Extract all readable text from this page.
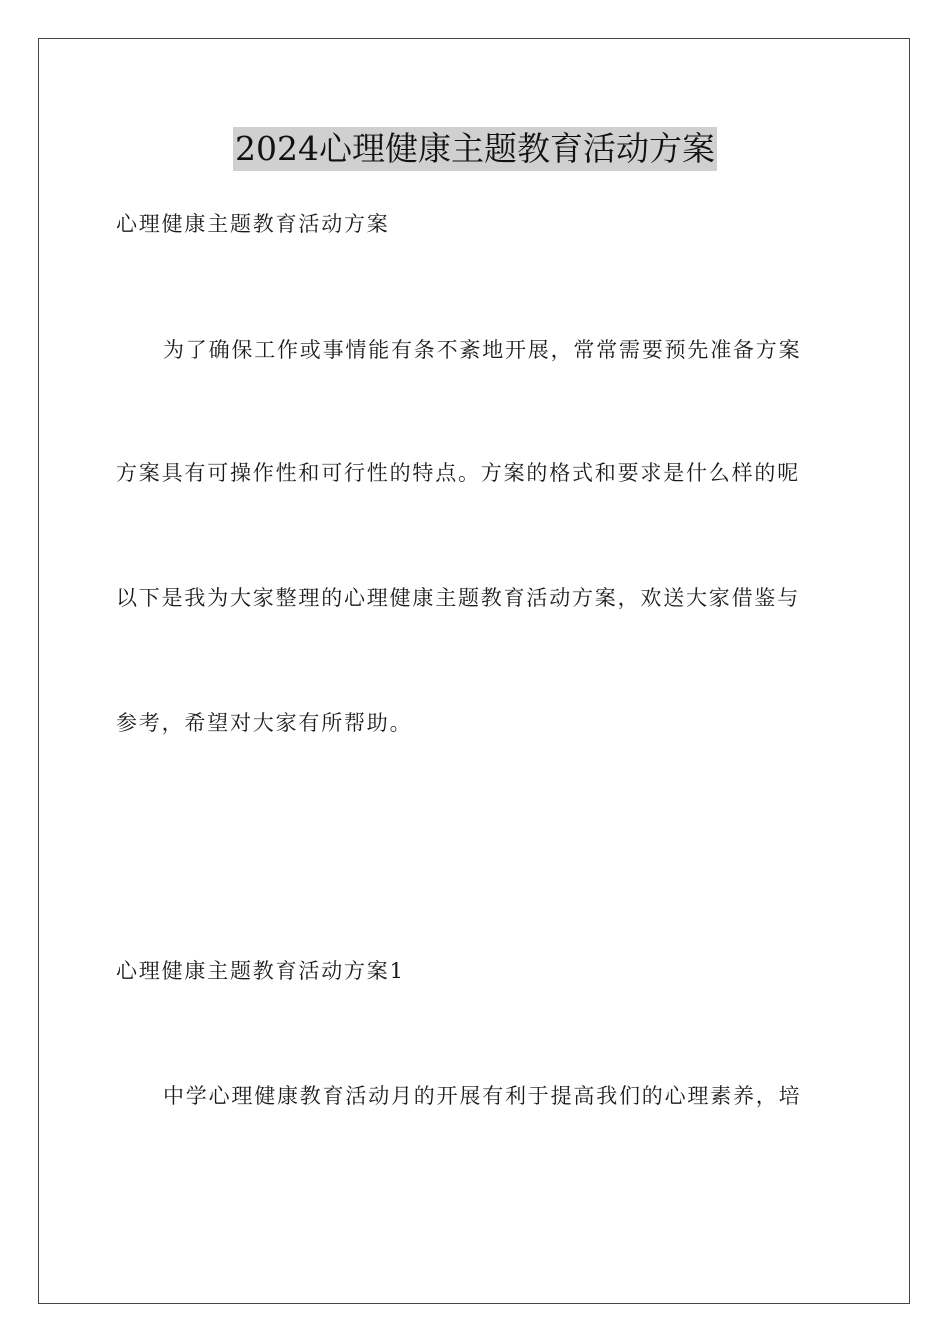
2024心理健康主题教育活动方案
心理健康主题教育活动方案
为了确保工作或事情能有条不紊地开展，常常需要预先准备方案
方案具有可操作性和可行性的特点。方案的格式和要求是什么样的呢
以下是我为大家整理的心理健康主题教育活动方案，欢送大家借鉴与
参考，希望对大家有所帮助。
心理健康主题教育活动方案1
中学心理健康教育活动月的开展有利于提高我们的心理素养，培
